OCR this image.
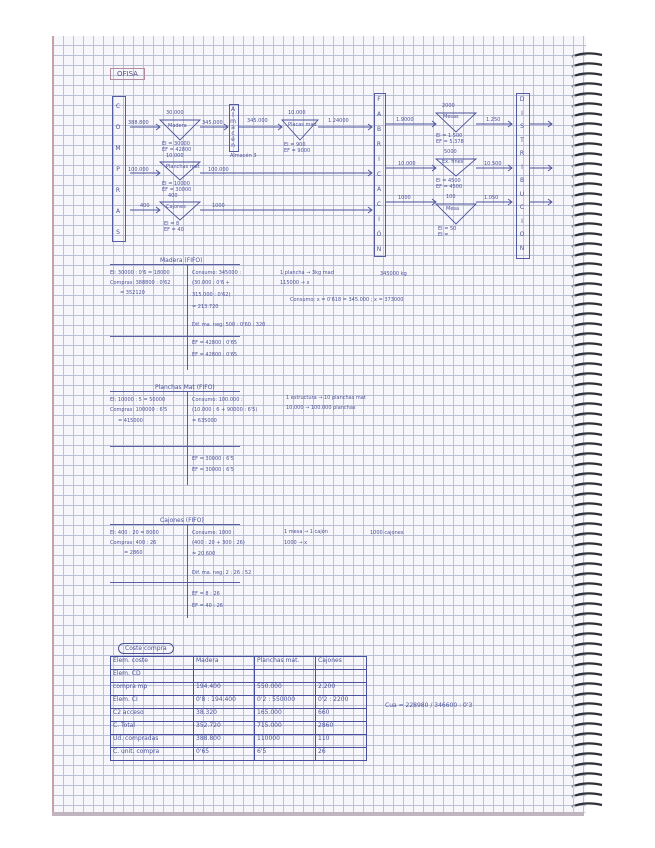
OFISA
C
O
M
P
R
A
S
A
l
m
a
c
é
n
F
A
B
R
I
C
A
C
I
Ó
N
D
I
S
T
R
I
B
U
C
I
O
N
388.800
30.000
Madera	345.000
EI = 30000
EF = 42800
345.000
10.000
Placas mad
1.24000
EI = 900
EF = 9000
Almacén 3
100.000
10.000
Planchas mat
EI = 10000
EF = 30000
100.000
400
400
Cajones	1000
EI = 8
EF = 40
1.9000
2000
Mesas	1.250
EI = 1.500
EF = 5.378
10.000
5000
Ex. fines	10.500
EI = 4500
EF = 4500
1000	100
Mesa
1.050
EI = 50
EI =
Madera (FIFO)
EI: 30000 : 0'6 = 18000
Compras: 388800 : 0'62
= 352120
Consumo: 345000 :
(30.000 : 0'6 +
315.000 : 0'62)
= 213.720
Dif. ma. neg: 500 : 0'60 : 320
EF = 42800 : 0'65
EF = 42800 : 0'65
1 plancha → 3kg mad
115000 → x
345000 kg
Consumo: x = 0'618 = 345.000 ; x = 373000
Planchas Mat (FIFO)
EI: 10000 : 5 = 50000
Compras: 100000 : 6'5
= 415000
Consumo: 100.000 :
(10.000 : 6 + 90000 : 6'5)
= 635000
EF = 30000 : 6'5
EF = 30000 : 6'5
1 estructura → 10 planchas mat
10.000 → 100.000 planchas
Cajones (FIFO)
EI: 400 : 20 = 8000
Compras: 400 : 26
= 2860
Consumo: 1000 :
(400 : 20 + 300 : 26)
= 20.600
Dif. ma. neg: 2 : 26 : 52
EF = 8 : 26
EF = 40 : 26
1 mesa → 1 cajón
1000 → x
1000 cajones
Coste compra
Elem. coste	Madera	Planchas mat.	Cajones
Elem. CD			
compra mp	194.400	550.000	2.200
Elem. CI	0'8 : 194.400	0'2 : 550000	0'2 : 2200
C2 acceso	38.320	165.000	660
C. Total	352.720	715.000	2860
Ud. compradas	388.800	110000	110
C. unit. compra	0'65	6'5	26
Cua = 228980 / 346600 : 0'3
